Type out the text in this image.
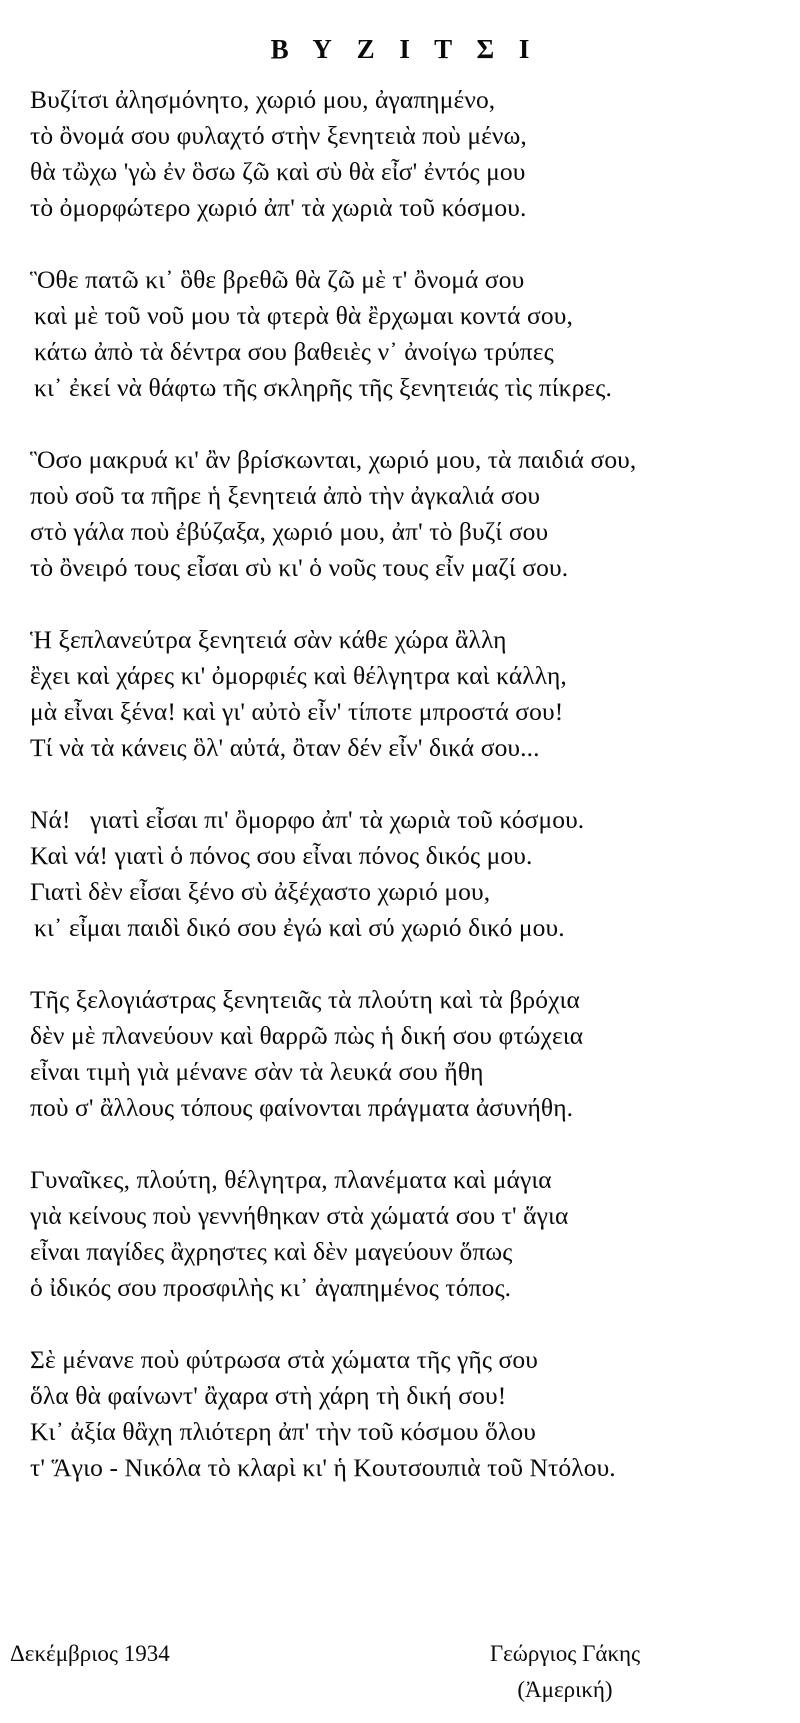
Β Υ Ζ Ι Τ Σ Ι
Βυζίτσι ἀλησμόνητο, χωριό μου, ἀγαπημένο,
τὸ ὂνομά σου φυλαχτό στὴν ξενητειὰ ποὺ μένω,
θὰ τὢχω 'γὼ ἐν ὃσω ζῶ καὶ σὺ θὰ εἶσ' ἐντός μου
τὸ ὀμορφώτερο χωριό ἀπ' τὰ χωριὰ τοῦ κόσμου.
Ὃθε πατῶ κι᾽ ὃθε βρεθῶ θὰ ζῶ μὲ τ' ὂνομά σου
καὶ μὲ τοῦ νοῦ μου τὰ φτερὰ θὰ ἒρχωμαι κοντά σου,
κάτω ἀπὸ τὰ δέντρα σου βαθειὲς ν᾽ ἀνοίγω τρύπες
κι᾽ ἐκεί νὰ θάφτω τῆς σκληρῆς τῆς ξενητειάς τὶς πίκρες.
Ὃσο μακρυά κι' ἂν βρίσκωνται, χωριό μου, τὰ παιδιά σου,
ποὺ σοῦ τα πῆρε ἡ ξενητειά ἀπὸ τὴν ἀγκαλιά σου
στὸ γάλα ποὺ ἐβύζαξα, χωριό μου, ἀπ' τὸ βυζί σου
τὸ ὂνειρό τους εἶσαι σὺ κι' ὁ νοῦς τους εἶν μαζί σου.
Ἡ ξεπλανεύτρα ξενητειά σὰν κάθε χώρα ἂλλη
ἒχει καὶ χάρες κι' ὀμορφιές καὶ θέλγητρα καὶ κάλλη,
μὰ εἶναι ξένα! καὶ γι' αὐτὸ εἶν' τίποτε μπροστά σου!
Τί νὰ τὰ κάνεις ὃλ' αὐτά, ὂταν δέν εἶν' δικά σου...
Νά!   γιατὶ εἶσαι πι' ὂμορφο ἀπ' τὰ χωριὰ τοῦ κόσμου.
Καὶ νά! γιατὶ ὁ πόνος σου εἶναι πόνος δικός μου.
Γιατὶ δὲν εἶσαι ξένο σὺ ἀξέχαστο χωριό μου,
κι᾽ εἶμαι παιδὶ δικό σου ἐγώ καὶ σύ χωριό δικό μου.
Τῆς ξελογιάστρας ξενητειᾶς τὰ πλούτη καὶ τὰ βρόχια
δὲν μὲ πλανεύουν καὶ θαρρῶ πὼς ἡ δική σου φτώχεια
εἶναι τιμὴ γιὰ μένανε σὰν τὰ λευκά σου ἤθη
ποὺ σ' ἂλλους τόπους φαίνονται πράγματα ἀσυνήθη.
Γυναῖκες, πλούτη, θέλγητρα, πλανέματα καὶ μάγια
γιὰ κείνους ποὺ γεννήθηκαν στὰ χώματά σου τ' ἅγια
εἶναι παγίδες ἂχρηστες καὶ δὲν μαγεύουν ὅπως
ὁ ἰδικός σου προσφιλὴς κι᾽ ἀγαπημένος τόπος.
Σὲ μένανε ποὺ φύτρωσα στὰ χώματα τῆς γῆς σου
ὅλα θὰ φαίνωντ' ἂχαρα στὴ χάρη τὴ δική σου!
Κι᾽ ἀξία θἂχη πλιότερη ἀπ' τὴν τοῦ κόσμου ὅλου
τ' Ἅγιο - Νικόλα τὸ κλαρὶ κι' ἡ Κουτσουπιὰ τοῦ Ντόλου.
Δεκέμβριος 1934	Γεώργιος Γάκης
(Ἀμερική)
